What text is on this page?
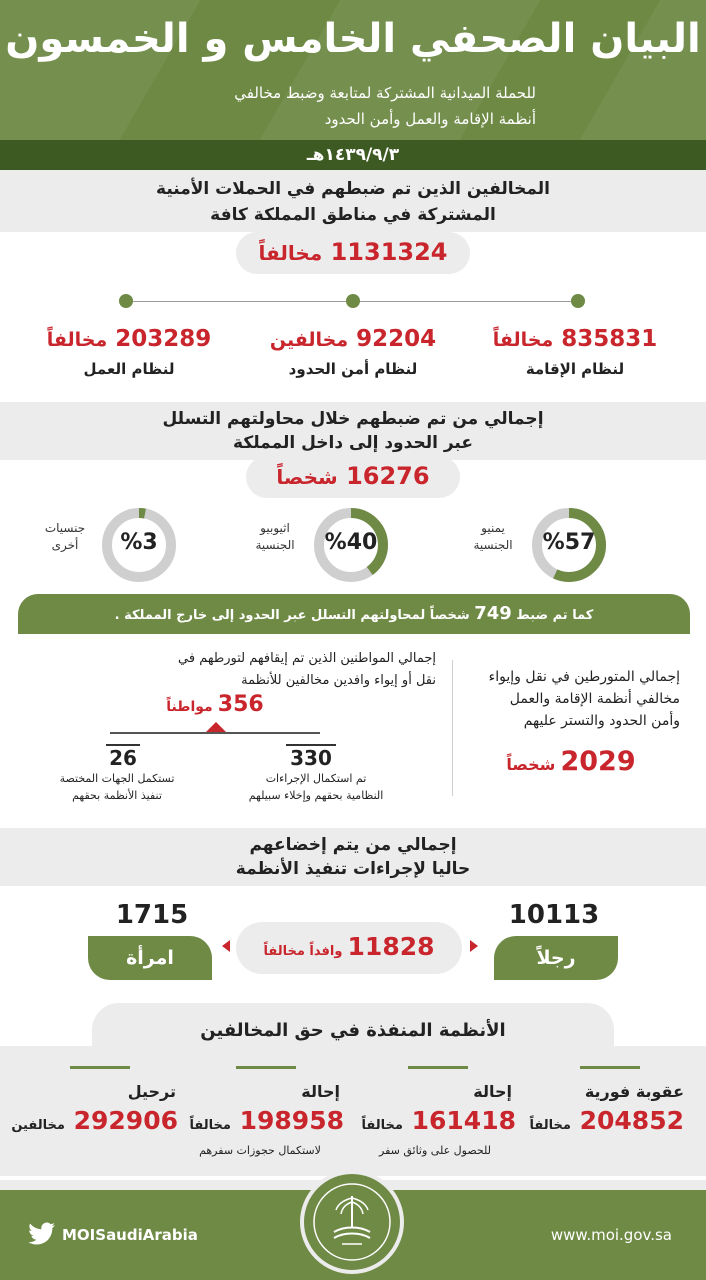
البيان الصحفي الخامس و الخمسون
للحملة الميدانية المشتركة لمتابعة وضبط مخالفي
أنظمة الإقامة والعمل وأمن الحدود
١٤٣٩/٩/٣هـ
المخالفين الذين تم ضبطهم في الحملات الأمنية
المشتركة في مناطق المملكة كافة
1131324 مخالفاً
835831 مخالفاً
لنظام الإقامة
92204 مخالفين
لنظام أمن الحدود
203289 مخالفاً
لنظام العمل
إجمالي من تم ضبطهم خلال محاولتهم التسلل
عبر الحدود إلى داخل المملكة
16276 شخصاً
%57
يمنيو
الجنسية
%40
اثيوبيو
الجنسية
%3
جنسيات
أخرى
كما تم ضبط 749 شخصاً لمحاولتهم التسلل عبر الحدود إلى خارج المملكة .
إجمالي المتورطين في نقل وإيواء
مخالفي أنظمة الإقامة والعمل
وأمن الحدود والتستر عليهم
2029 شخصاً
إجمالي المواطنين الذين تم إيقافهم لتورطهم في
نقل أو إيواء وافدين مخالفين للأنظمة
356 مواطناً
330
تم استكمال الإجراءات
النظامية بحقهم وإخلاء سبيلهم
26
تستكمل الجهات المختصة
تنفيذ الأنظمة بحقهم
إجمالي من يتم إخضاعهم
حاليا لإجراءات تنفيذ الأنظمة
10113
رجلاً
1715
امرأة	11828 وافداً مخالفاً
الأنظمة المنفذة في حق المخالفين
عقوبة فورية
204852 مخالفاً
إحالة
161418 مخالفاً
للحصول على وثائق سفر
إحالة
198958 مخالفاً
لاستكمال حجوزات سفرهم
ترحيل
292906 مخالفين
MOISaudiArabia	www.moi.gov.sa
